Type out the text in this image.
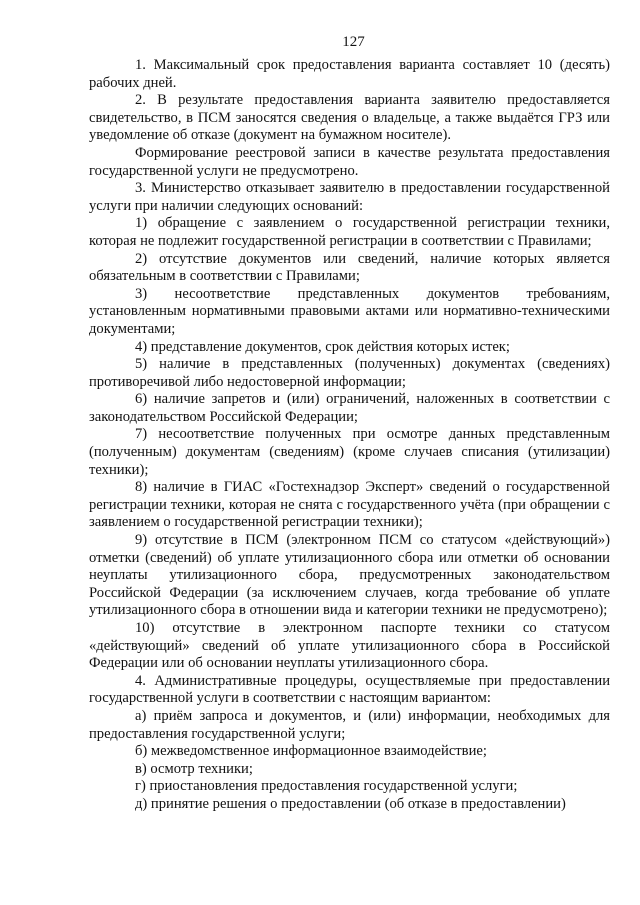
127

1. Максимальный срок предоставления варианта составляет 10 (десять) рабочих дней.

2. В результате предоставления варианта заявителю предоставляется свидетельство, в ПСМ заносятся сведения о владельце, а также выдаётся ГРЗ или уведомление об отказе (документ на бумажном носителе).

Формирование реестровой записи в качестве результата предоставления государственной услуги не предусмотрено.

3. Министерство отказывает заявителю в предоставлении государственной услуги при наличии следующих оснований:

1) обращение с заявлением о государственной регистрации техники, которая не подлежит государственной регистрации в соответствии с Правилами;

2) отсутствие документов или сведений, наличие которых является обязательным в соответствии с Правилами;

3) несоответствие представленных документов требованиям, установленным нормативными правовыми актами или нормативно-техническими документами;

4) представление документов, срок действия которых истек;

5) наличие в представленных (полученных) документах (сведениях) противоречивой либо недостоверной информации;

6) наличие запретов и (или) ограничений, наложенных в соответствии с законодательством Российской Федерации;

7) несоответствие полученных при осмотре данных представленным (полученным) документам (сведениям) (кроме случаев списания (утилизации) техники);

8) наличие в ГИАС «Гостехнадзор Эксперт» сведений о государственной регистрации техники, которая не снята с государственного учёта (при обращении с заявлением о государственной регистрации техники);

9) отсутствие в ПСМ (электронном ПСМ со статусом «действующий») отметки (сведений) об уплате утилизационного сбора или отметки об основании неуплаты утилизационного сбора, предусмотренных законодательством Российской Федерации (за исключением случаев, когда требование об уплате утилизационного сбора в отношении вида и категории техники не предусмотрено);

10) отсутствие в электронном паспорте техники со статусом «действующий» сведений об уплате утилизационного сбора в Российской Федерации или об основании неуплаты утилизационного сбора.

4. Административные процедуры, осуществляемые при предоставлении государственной услуги в соответствии с настоящим вариантом:

а) приём запроса и документов, и (или) информации, необходимых для предоставления государственной услуги;

б) межведомственное информационное взаимодействие;

в) осмотр техники;

г) приостановления предоставления государственной услуги;

д) принятие решения о предоставлении (об отказе в предоставлении)
